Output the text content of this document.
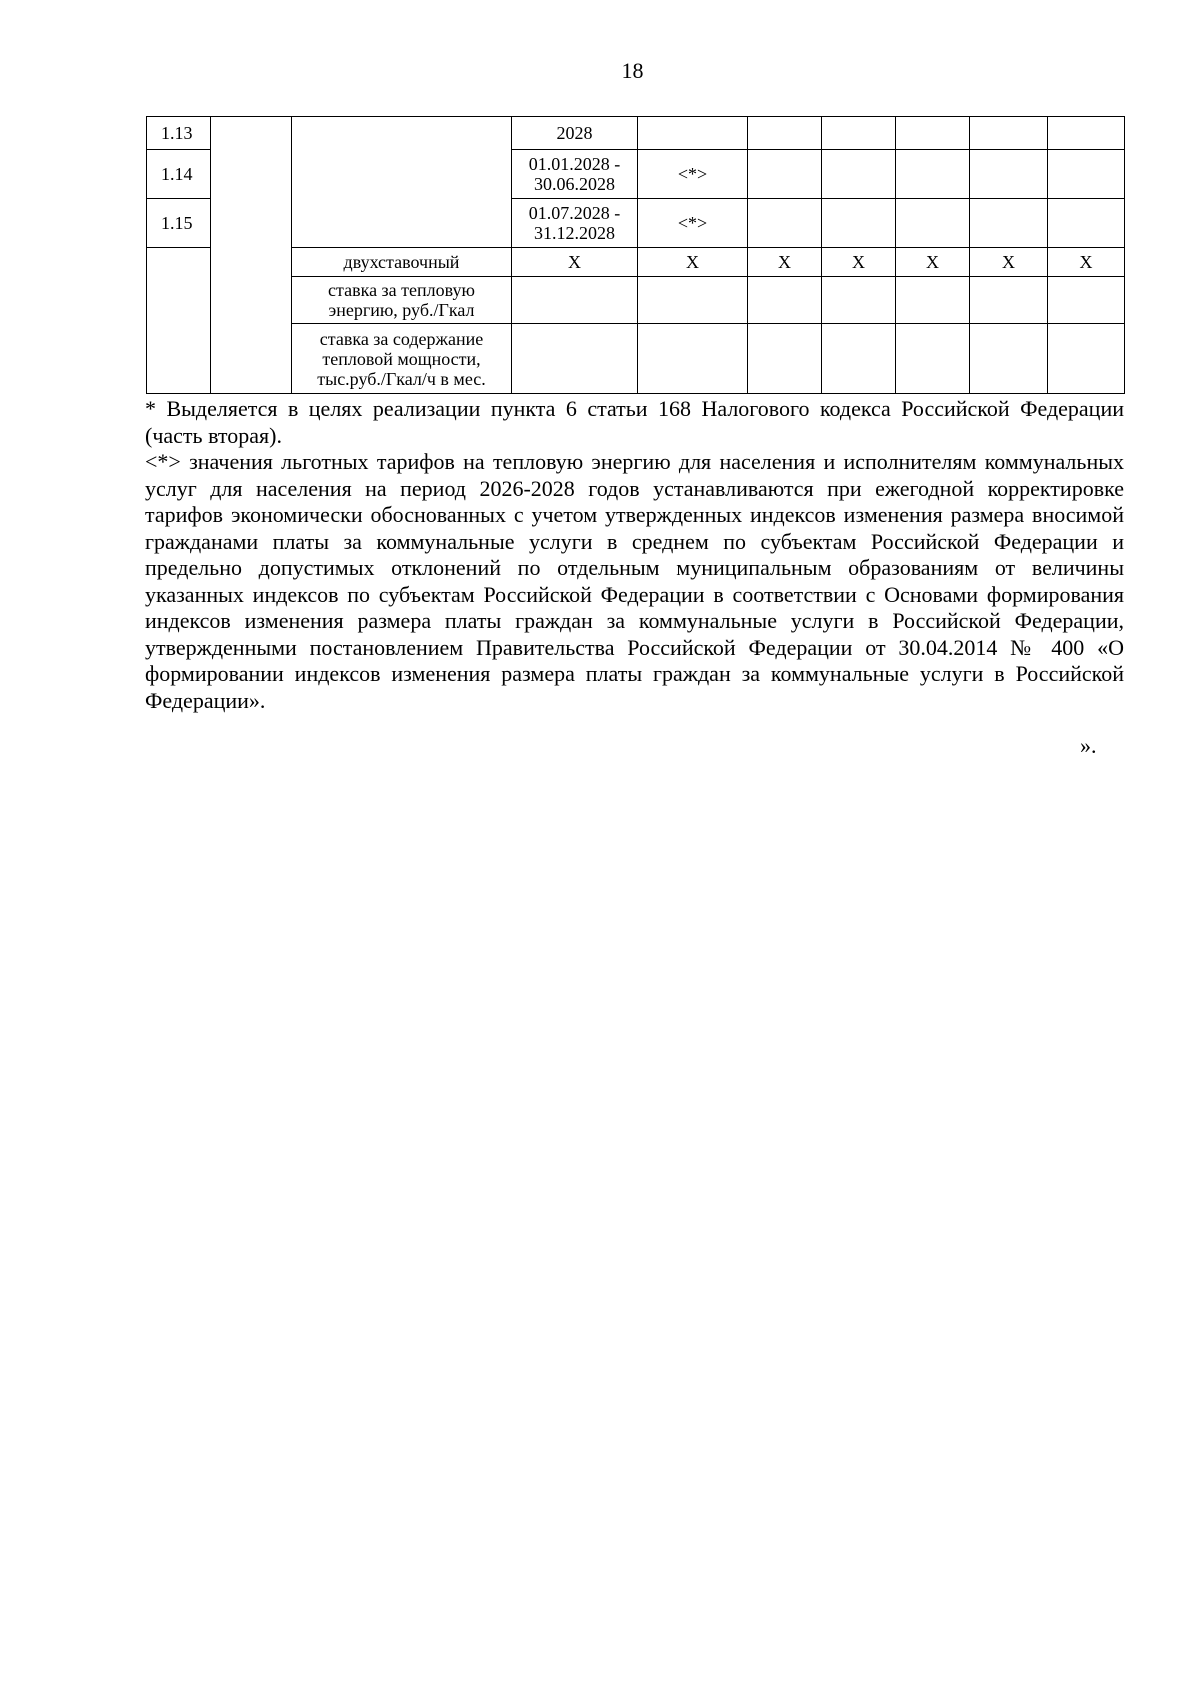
18
1.13			2028						
1.14			01.01.2028 - 30.06.2028	<*>					
1.15			01.07.2028 - 31.12.2028	<*>					
		двухставочный	Х	Х	Х	Х	Х	Х	Х
		ставка за тепловую энергию, руб./Гкал							
		ставка за содержание тепловой мощности, тыс.руб./Гкал/ч в мес.							

* Выделяется в целях реализации пункта 6 статьи 168 Налогового кодекса Российской Федерации (часть вторая).

<*> значения льготных тарифов на тепловую энергию для населения и исполнителям коммунальных услуг для населения на период 2026-2028 годов устанавливаются при ежегодной корректировке тарифов экономически обоснованных с учетом утвержденных индексов изменения размера вносимой гражданами платы за коммунальные услуги в среднем по субъектам Российской Федерации и предельно допустимых отклонений по отдельным муниципальным образованиям от величины указанных индексов по субъектам Российской Федерации в соответствии с Основами формирования индексов изменения размера платы граждан за коммунальные услуги в Российской Федерации, утвержденными постановлением Правительства Российской Федерации от 30.04.2014 № 400 «О формировании индексов изменения размера платы граждан за коммунальные услуги в Российской Федерации».

».
